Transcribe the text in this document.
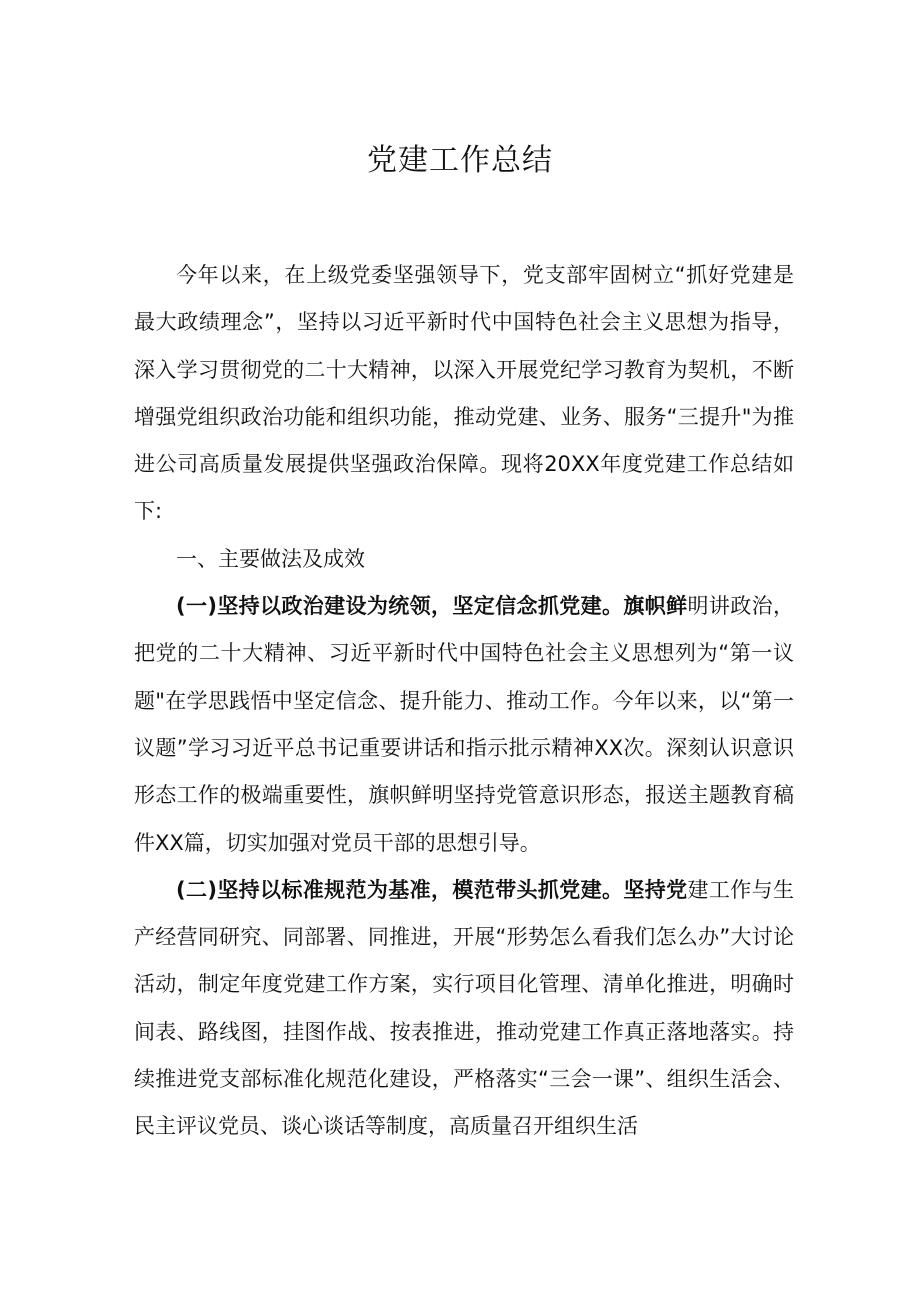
党建工作总结

今年以来，在上级党委坚强领导下，党支部牢固树立“抓好党建是最大政绩理念”，坚持以习近平新时代中国特色社会主义思想为指导，深入学习贯彻党的二十大精神，以深入开展党纪学习教育为契机，不断增强党组织政治功能和组织功能，推动党建、业务、服务“三提升"为推进公司高质量发展提供坚强政治保障。现将20XX年度党建工作总结如下:

一、主要做法及成效

(一)坚持以政治建设为统领，坚定信念抓党建。旗帜鲜明讲政治，把党的二十大精神、习近平新时代中国特色社会主义思想列为“第一议题"在学思践悟中坚定信念、提升能力、推动工作。今年以来，以“第一议题”学习习近平总书记重要讲话和指示批示精神XX次。深刻认识意识形态工作的极端重要性，旗帜鲜明坚持党管意识形态，报送主题教育稿件XX篇，切实加强对党员干部的思想引导。

(二)坚持以标准规范为基准，模范带头抓党建。坚持党建工作与生产经营同研究、同部署、同推进，开展“形势怎么看我们怎么办”大讨论活动，制定年度党建工作方案，实行项目化管理、清单化推进，明确时间表、路线图，挂图作战、按表推进，推动党建工作真正落地落实。持续推进党支部标准化规范化建设，严格落实“三会一课”、组织生活会、民主评议党员、谈心谈话等制度，高质量召开组织生活
